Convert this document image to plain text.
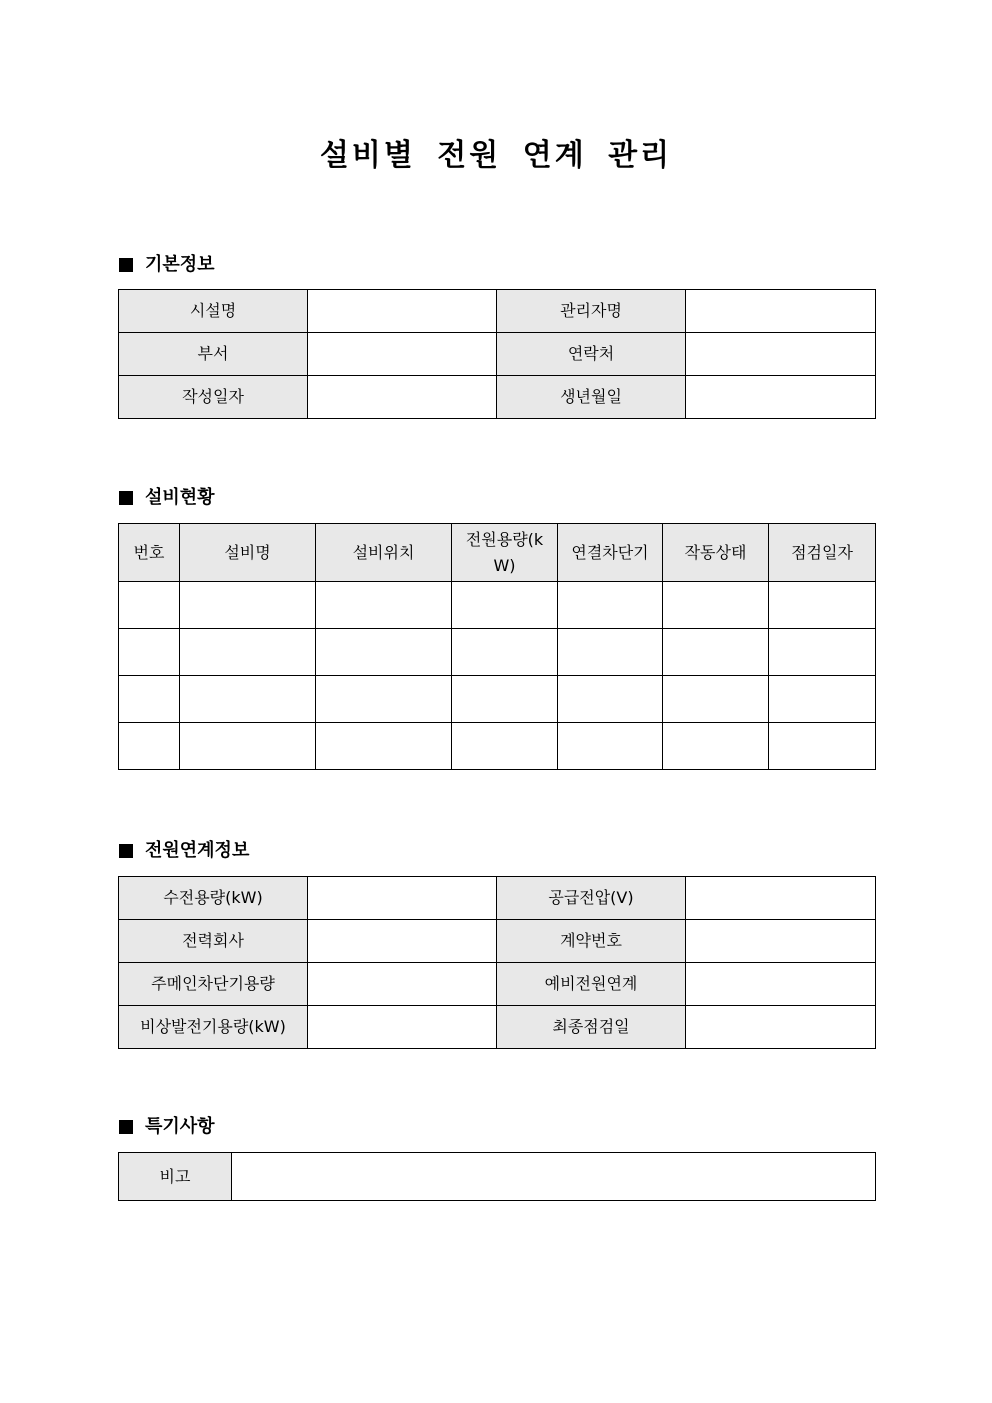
설비별 전원 연계 관리
기본정보
시설명		관리자명	
부서		연락처	
작성일자		생년월일	
설비현황
번호	설비명	설비위치	전원용량(kW)	연결차단기	작동상태	점검일자

전원연계정보
수전용량(kW)		공급전압(V)	
전력회사		계약번호	
주메인차단기용량		예비전원연계	
비상발전기용량(kW)		최종점검일	
특기사항
비고	
